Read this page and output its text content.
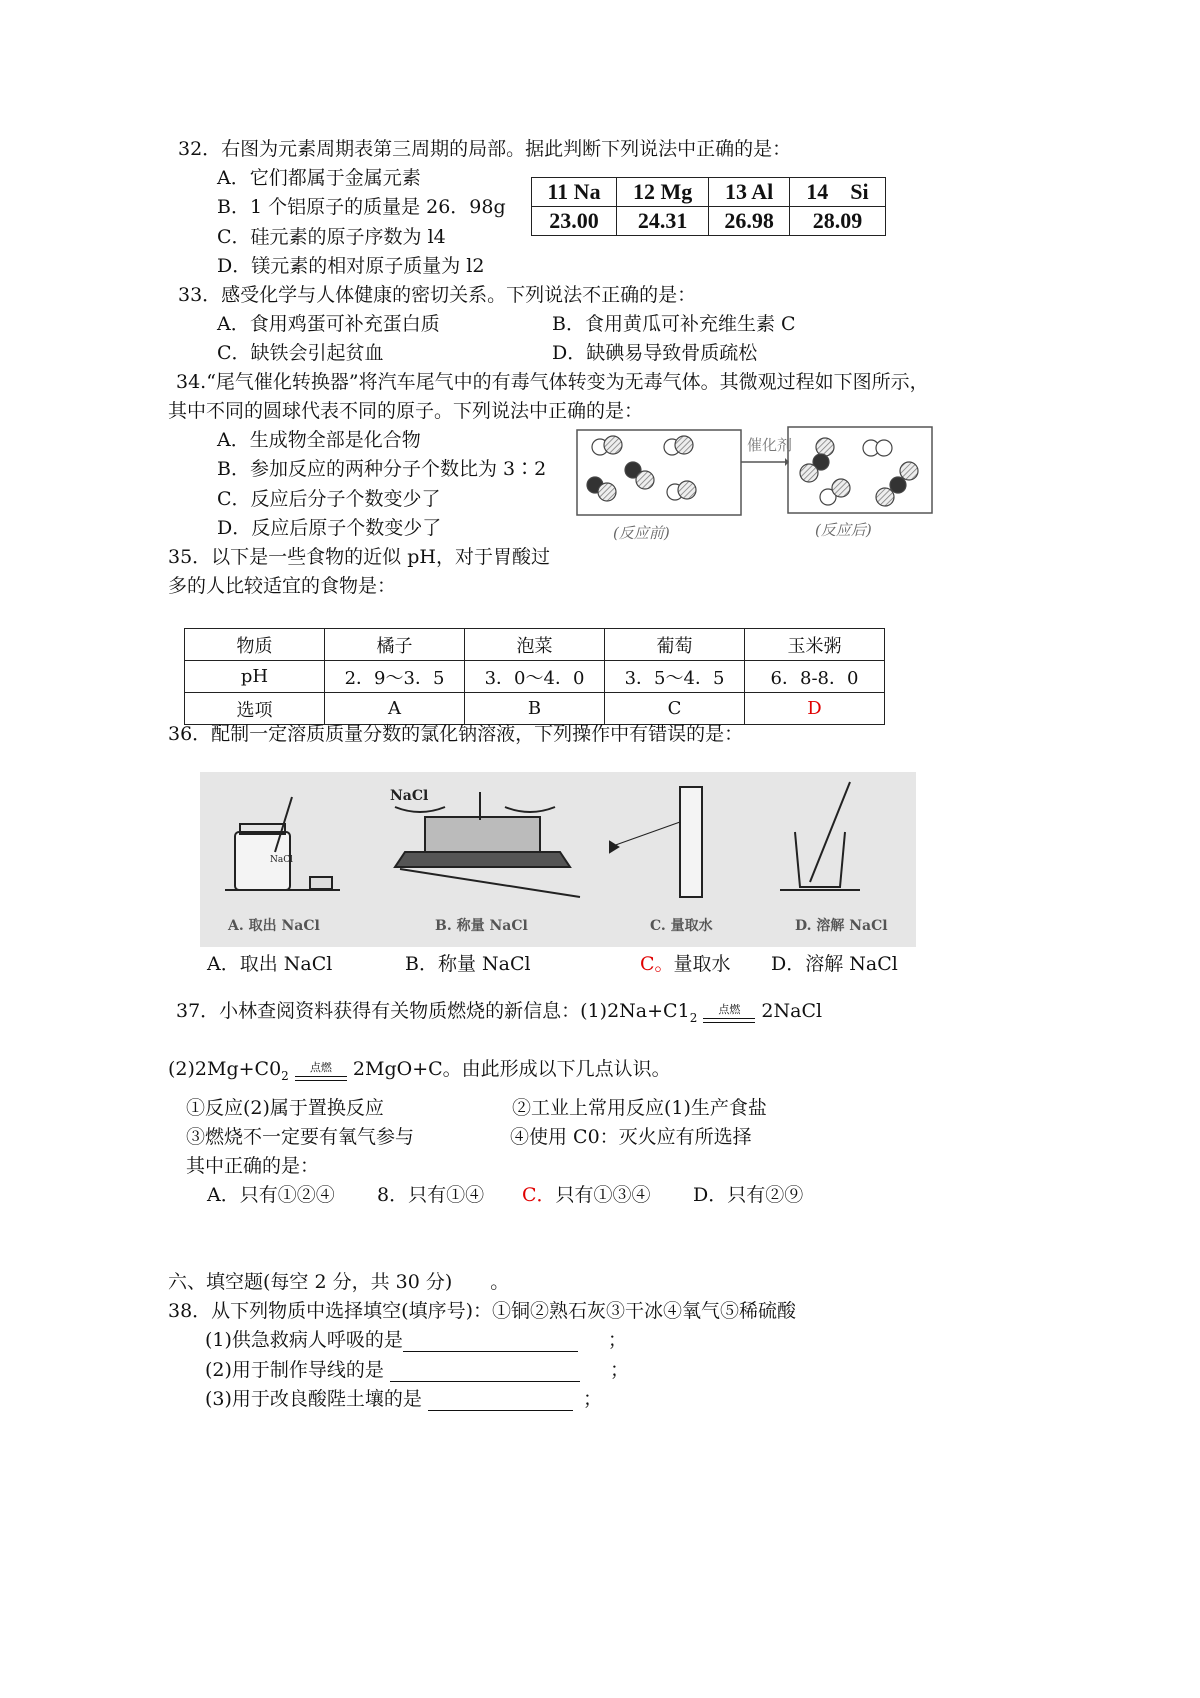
32．右图为元素周期表第三周期的局部。据此判断下列说法中正确的是：
A．它们都属于金属元素
B．1 个铝原子的质量是 26．98g
C．硅元素的原子序数为 l4
D．镁元素的相对原子质量为 l2
11 Na	12 Mg	13 Al	14　Si
23.00	24.31	26.98	28.09
33．感受化学与人体健康的密切关系。下列说法不正确的是：
A．食用鸡蛋可补充蛋白质	B．食用黄瓜可补充维生素 C
C．缺铁会引起贫血	D．缺碘易导致骨质疏松
34.“尾气催化转换器”将汽车尾气中的有毒气体转变为无毒气体。其微观过程如下图所示，
其中不同的圆球代表不同的原子。下列说法中正确的是：
A．生成物全部是化合物
B．参加反应的两种分子个数比为 3∶2
C．反应后分子个数变少了
D．反应后原子个数变少了
催化剂
(反应前)	(反应后)
35．以下是一些食物的近似 pH，对于胃酸过
多的人比较适宜的食物是：
物质	橘子	泡菜	葡萄	玉米粥
pH	2．9～3．5	3．0～4．0	3．5～4．5	6．8-8．0
选项	A	B	C	D
36．配制一定溶质质量分数的氯化钠溶液，下列操作中有错误的是：
NaCl
NaCl
A. 取出 NaCl	B. 称量 NaCl	C. 量取水	D. 溶解 NaCl
A．取出 NaCl	B．称量 NaCl	C。量取水 D．溶解 NaCl
37．小林查阅资料获得有关物质燃烧的新信息：$(1)2Na+C1_2$
点燃	2NaCl
$(2)2Mg+C0_2$
点燃	2MgO+C。由此形成以下几点认识。
①反应(2)属于置换反应	②工业上常用反应(1)生产食盐
③燃烧不一定要有氧气参与	④使用 C0：灭火应有所选择
其中正确的是：
A．只有①②④ 8．只有①④ C．只有①③④ D．只有②⑨
六、填空题(每空 2 分，共 30 分)　　。
38．从下列物质中选择填空(填序号)：①铜②熟石灰③干冰④氧气⑤稀硫酸
(1)供急救病人呼吸的是	；
(2)用于制作导线的是	；
(3)用于改良酸陛土壤的是	；
